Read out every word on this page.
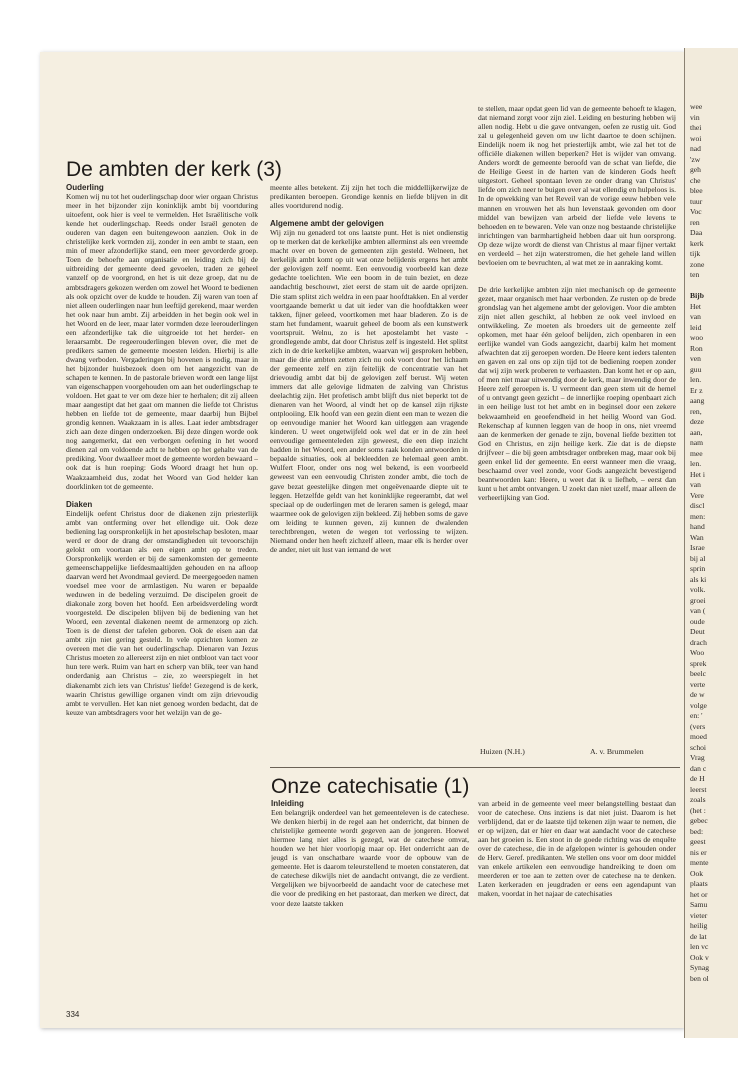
De ambten der kerk (3)

Ouderling

Komen wij nu tot het ouderlingschap door wier orgaan Christus meer in het bijzonder zijn koninklijk ambt bij voortduring uitoefent, ook hier is veel te vermelden. Het Israëlitische volk kende het ouderlingschap. Reeds onder Israël genoten de ouderen van dagen een buitengewoon aanzien. Ook in de christelijke kerk vormden zij, zonder in een ambt te staan, een min of meer afzonderlijke stand, een meer gevorderde groep. Toen de behoefte aan organisatie en leiding zich bij de uitbreiding der gemeente deed gevoelen, traden ze geheel vanzelf op de voorgrond, en het is uit deze groep, dat nu de ambtsdragers gekozen werden om zowel het Woord te bedienen als ook opzicht over de kudde te houden. Zij waren van toen af niet alleen ouderlingen naar hun leeftijd gerekend, maar werden het ook naar hun ambt. Zij arbeidden in het begin ook wel in het Woord en de leer, maar later vormden deze leerouderlingen een afzonderlijke tak die uitgroeide tot het herder- en leraarsambt. De regeerouderlingen bleven over, die met de predikers samen de gemeente moesten leiden. Hierbij is alle dwang verboden. Vergaderingen bij hovenen is nodig, maar in het bijzonder huisbezoek doen om het aangezicht van de schapen te kennen. In de pastorale brieven wordt een lange lijst van eigenschappen voorgehouden om aan het ouderlingschap te voldoen. Het gaat te ver om deze hier te herhalen; dit zij alleen maar aangestipt dat het gaat om mannen die liefde tot Christus hebben en liefde tot de gemeente, maar daarbij hun Bijbel grondig kennen. Waakzaam in is alles. Laat ieder ambtsdrager zich aan deze dingen onderzoeken. Bij deze dingen worde ook nog aangemerkt, dat een verborgen oefening in het woord dienen zal om voldoende acht te hebben op het gehalte van de prediking. Voor dwaalleer moet de gemeente worden bewaard – ook dat is hun roeping: Gods Woord draagt het hun op. Waakzaamheid dus, zodat het Woord van God helder kan doorklinken tot de gemeente.

Diaken

Eindelijk oefent Christus door de diakenen zijn priesterlijk ambt van ontferming over het ellendige uit. Ook deze bediening lag oorspronkelijk in het apostelschap besloten, maar werd er door de drang der omstandigheden uit tevoorschijn gelokt om voortaan als een eigen ambt op te treden. Oorspronkelijk werden er bij de samenkomsten der gemeente gemeenschappelijke liefdesmaaltijden gehouden en na afloop daarvan werd het Avondmaal gevierd. De meergegoeden namen voedsel mee voor de armlastigen. Nu waren er bepaalde weduwen in de bedeling verzuimd. De discipelen groeit de diakonale zorg boven het hoofd. Een arbeidsverdeling wordt voorgesteld. De discipelen blijven bij de bediening van het Woord, een zevental diakenen neemt de armenzorg op zich. Toen is de dienst der tafelen geboren. Ook de eisen aan dat ambt zijn niet gering gesteld. In vele opzichten komen ze overeen met die van het ouderlingschap. Dienaren van Jezus Christus moeten zo allereerst zijn en niet ontbloot van tact voor hun tere werk. Ruim van hart en scherp van blik, teer van hand onderdanig aan Christus – zie, zo weerspiegelt in het diakenambt zich iets van Christus' liefde! Gezegend is de kerk, waarin Christus gewillige organen vindt om zijn drievoudig ambt te vervullen. Het kan niet genoeg worden bedacht, dat de keuze van ambtsdragers voor het welzijn van de ge-

meente alles betekent. Zij zijn het toch die middellijkerwijze de predikanten beroepen. Grondige kennis en liefde blijven in dit alles voortdurend nodig.

Algemene ambt der gelovigen

Wij zijn nu genaderd tot ons laatste punt. Het is niet ondienstig op te merken dat de kerkelijke ambten allerminst als een vreemde macht over en boven de gemeenten zijn gesteld. Welneen, het kerkelijk ambt komt op uit wat onze belijdenis ergens het ambt der gelovigen zelf noemt. Een eenvoudig voorbeeld kan deze gedachte toelichten. Wie een boom in de tuin beziet, en deze aandachtig beschouwt, ziet eerst de stam uit de aarde oprijzen. Die stam splitst zich weldra in een paar hoofdtakken. En al verder voortgaande bemerkt u dat uit ieder van die hoofdtakken weer takken, fijner geleed, voortkomen met haar bladeren. Zo is de stam het fundament, waaruit geheel de boom als een kunstwerk voortspruit. Welnu, zo is het apostelambt het vaste - grondlegende ambt, dat door Christus zelf is ingesteld. Het splitst zich in de drie kerkelijke ambten, waarvan wij gesproken hebben, maar die drie ambten zetten zich nu ook voort door het lichaam der gemeente zelf en zijn feitelijk de concentratie van het drievoudig ambt dat bij de gelovigen zelf berust. Wij weten immers dat alle gelovige lidmaten de zalving van Christus deelachtig zijn. Het profetisch ambt blijft dus niet beperkt tot de dienaren van het Woord, al vindt het op de kansel zijn rijkste ontplooiing. Elk hoofd van een gezin dient een man te wezen die op eenvoudige manier het Woord kan uitleggen aan vragende kinderen. U weet ongetwijfeld ook wel dat er in de zin heel eenvoudige gemeenteleden zijn geweest, die een diep inzicht hadden in het Woord, een ander soms raak konden antwoorden in bepaalde situaties, ook al bekleedden ze helemaal geen ambt. Wulfert Floor, onder ons nog wel bekend, is een voorbeeld geweest van een eenvoudig Christen zonder ambt, die toch de gave bezat geestelijke dingen met ongeëvenaarde diepte uit te leggen. Hetzelfde geldt van het koninklijke regeerambt, dat wel speciaal op de ouderlingen met de leraren samen is gelegd, maar waarmee ook de gelovigen zijn bekleed. Zij hebben soms de gave om leiding te kunnen geven, zij kunnen de dwalenden terechtbrengen, weten de wegen tot verlossing te wijzen. Niemand onder hen heeft zichzelf alleen, maar elk is herder over de ander, niet uit lust van iemand de wet

te stellen, maar opdat geen lid van de gemeente behoeft te klagen, dat niemand zorgt voor zijn ziel. Leiding en besturing hebben wij allen nodig. Hebt u die gave ontvangen, oefen ze rustig uit. God zal u gelegenheid geven om uw licht daartoe te doen schijnen. Eindelijk noem ik nog het priesterlijk ambt, wie zal het tot de officiële diakenen willen beperken? Het is wijder van omvang. Anders wordt de gemeente beroofd van de schat van liefde, die de Heilige Geest in de harten van de kinderen Gods heeft uitgestort. Geheel spontaan leven ze onder drang van Christus' liefde om zich neer te buigen over al wat ellendig en hulpeloos is. In de opwekking van het Reveil van de vorige eeuw hebben vele mannen en vrouwen het als hun levenstaak gevonden om door middel van bewijzen van arbeid der liefde vele levens te behoeden en te bewaren. Vele van onze nog bestaande christelijke inrichtingen van barmhartigheid hebben daar uit hun oorsprong. Op deze wijze wordt de dienst van Christus al maar fijner vertakt en verdeeld – het zijn waterstromen, die het gehele land willen bevloeien om te bevruchten, al wat met ze in aanraking komt.

De drie kerkelijke ambten zijn niet mechanisch op de gemeente gezet, maar organisch met haar verbonden. Ze rusten op de brede grondslag van het algemene ambt der gelovigen. Voor die ambten zijn niet allen geschikt, al hebben ze ook veel invloed en ontwikkeling. Ze moeten als broeders uit de gemeente zelf opkomen, met haar één geloof belijden, zich openbaren in een eerlijke wandel van Gods aangezicht, daarbij kalm het moment afwachten dat zij geroepen worden. De Heere kent ieders talenten en gaven en zal ons op zijn tijd tot de bediening roepen zonder dat wij zijn werk proberen te verhaasten. Dan komt het er op aan, of men niet maar uitwendig door de kerk, maar inwendig door de Heere zelf geroepen is. U vermeent dan geen stem uit de hemel of u ontvangt geen gezicht – de innerlijke roeping openbaart zich in een heilige lust tot het ambt en in beginsel door een zekere bekwaamheid en geoefendheid in het heilig Woord van God. Rekenschap af kunnen leggen van de hoop in ons, niet vreemd aan de kenmerken der genade te zijn, bovenal liefde bezitten tot God en Christus, en zijn heilige kerk. Zie dat is de diepste drijfveer – die bij geen ambtsdrager ontbreken mag, maar ook bij geen enkel lid der gemeente. En eerst wanneer men die vraag, beschaamd over veel zonde, voor Gods aangezicht bevestigend beantwoorden kan: Heere, u weet dat ik u liefheb, – eerst dan kunt u het ambt ontvangen. U zoekt dan niet uzelf, maar alleen de verheerlijking van God.

Huizen (N.H.)	A. v. Brummelen
Onze catechisatie (1)

Inleiding

Een belangrijk onderdeel van het gemeenteleven is de catechese. We denken hierbij in de regel aan het onderricht, dat binnen de christelijke gemeente wordt gegeven aan de jongeren. Hoewel hiermee lang niet alles is gezegd, wat de catechese omvat, houden we het hier voorlopig maar op. Het onderricht aan de jeugd is van onschatbare waarde voor de opbouw van de gemeente. Het is daarom teleurstellend te moeten constateren, dat de catechese dikwijls niet de aandacht ontvangt, die ze verdient. Vergelijken we bijvoorbeeld de aandacht voor de catechese met die voor de prediking en het pastoraat, dan merken we direct, dat voor deze laatste takken

van arbeid in de gemeente veel meer belangstelling bestaat dan voor de catechese. Ons inziens is dat niet juist. Daarom is het verblijdend, dat er de laatste tijd tekenen zijn waar te nemen, die er op wijzen, dat er hier en daar wat aandacht voor de catechese aan het groeien is. Een stoot in de goede richting was de enquête over de catechese, die in de afgelopen winter is gehouden onder de Herv. Geref. predikanten. We stellen ons voor om door middel van enkele artikelen een eenvoudige handreiking te doen om meerderen er toe aan te zetten over de catechese na te denken. Laten kerkeraden en jeugdraden er eens een agendapunt van maken, voordat in het najaar de catechisaties

334
wee
vin
thei
woi
nad
'zw
geh
che
blee
tuur
Voc
ren
Daa
kerk
tijk
zone
ten

Bijb
Het
van
leid
woo
Ron
ven
guu
len.
Er z
aang
ren,
deze
aan,
nam
mee
len.
Het i
van
Vere
discl
men:
hand
Wan
Israe
bij al
sprin
als ki
volk.
groei
van (
oude
Deut
drach
Woo
sprek
beelc
verte
de w
volge
en: '
(vers
moed
schoi
Vrag
dan c
de H
leerst
zoals
(het :
gebec
bed:
geest
nis er
mente
Ook
plaats
het or
Samu
vieter
heilig
de lat
len vc
Ook v
Synag
ben ol
